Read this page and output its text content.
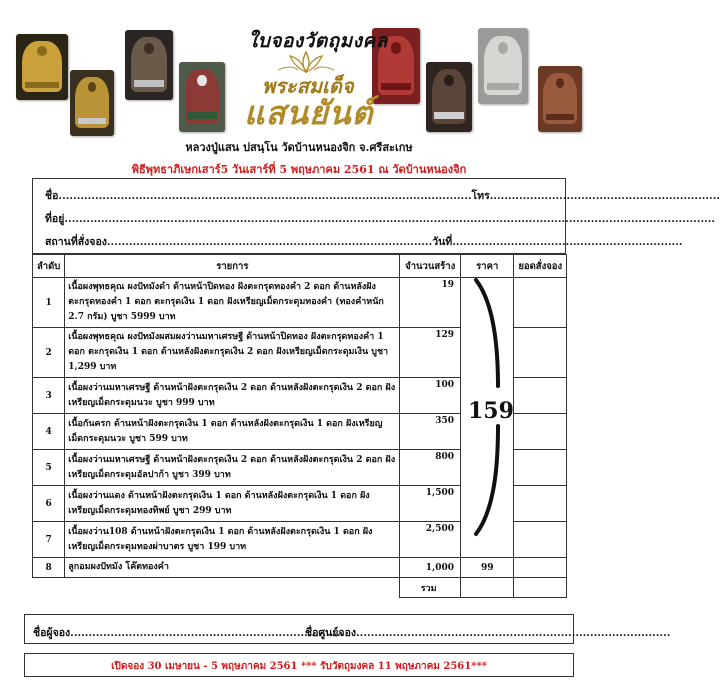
ใบจองวัตถุมงคล
พระสมเด็จ
แสนยันต์
หลวงปู่แสน ปสนฺโน วัดบ้านหนองจิก จ.ศรีสะเกษ
พิธีพุทธาภิเษกเสาร์5 วันเสาร์ที่ 5 พฤษภาคม 2561 ณ วัดบ้านหนองจิก
ชื่อ.................................................................................................................โทร...............................................................
ที่อยู่..................................................................................................................................................................................
สถานที่สั่งจอง.........................................................................................วันที่...............................................................
ลำดับ	รายการ	จำนวนสร้าง	ราคา	ยอดสั่งจอง
1	เนื้อผงพุทธคุณ ผงปัทมังดำ ด้านหน้าปิดทอง ฝังตะกรุดทองคำ 2 ดอก ด้านหลังฝังตะกรุดทองคำ 1 ดอก ตะกรุดเงิน 1 ดอก ฝังเหรียญเม็ดกระดุมทองคำ (ทองคำหนัก 2.7 กรัม) บูชา 5999 บาท	19		
2	เนื้อผงพุทธคุณ ผงปัทมังผสมผงว่านมหาเศรษฐี ด้านหน้าปิดทอง ฝังตะกรุดทองคำ 1 ดอก ตะกรุดเงิน 1 ดอก ด้านหลังฝังตะกรุดเงิน 2 ดอก ฝังเหรียญเม็ดกระดุมเงิน บูชา 1,299 บาท	129		
3	เนื้อผงว่านมหาเศรษฐี ด้านหน้าฝังตะกรุดเงิน 2 ดอก ด้านหลังฝังตะกรุดเงิน 2 ดอก ฝังเหรียญเม็ดกระดุมนวะ บูชา 999 บาท	100		
4	เนื้อกันครก ด้านหน้าฝังตะกรุดเงิน 1 ดอก ด้านหลังฝังตะกรุดเงิน 1 ดอก ฝังเหรียญเม็ดกระดุมนวะ บูชา 599 บาท	350		
5	เนื้อผงว่านมหาเศรษฐี ด้านหน้าฝังตะกรุดเงิน 2 ดอก ด้านหลังฝังตะกรุดเงิน 2 ดอก ฝังเหรียญเม็ดกระดุมอัลปาก้า บูชา 399 บาท	800		
6	เนื้อผงว่านแดง ด้านหน้าฝังตะกรุดเงิน 1 ดอก ด้านหลังฝังตะกรุดเงิน 1 ดอก ฝังเหรียญเม็ดกระดุมทองทิพย์ บูชา 299 บาท	1,500		
7	เนื้อผงว่าน108 ด้านหน้าฝังตะกรุดเงิน 1 ดอก ด้านหลังฝังตะกรุดเงิน 1 ดอก ฝังเหรียญเม็ดกระดุมทองผ่าบาตร บูชา 199 บาท	2,500		
8	ลูกอมผงปัทมัง โค๊ตทองคำ	1,000	99	
		รวม		
159
ชื่อผู้จอง...........................................................................
ชื่อศูนย์จอง......................................................................................
เปิดจอง 30 เมษายน - 5 พฤษภาคม 2561 *** รับวัตถุมงคล 11 พฤษภาคม 2561***
